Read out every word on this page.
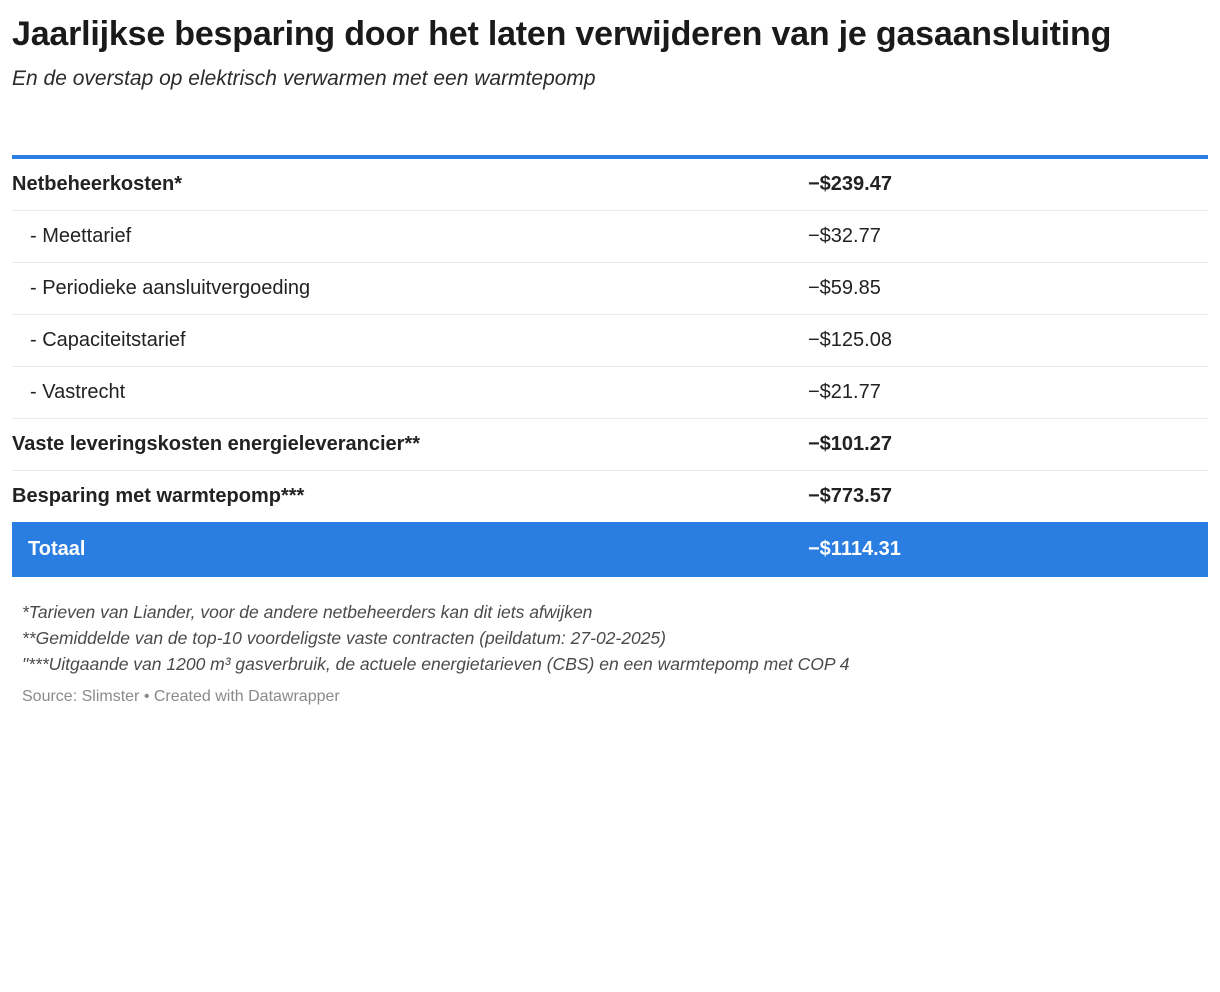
Jaarlijkse besparing door het laten verwijderen van je gasaansluiting
En de overstap op elektrisch verwarmen met een warmtepomp
Netbeheerkosten*	−$239.47
- Meettarief	−$32.77
- Periodieke aansluitvergoeding	−$59.85
- Capaciteitstarief	−$125.08
- Vastrecht	−$21.77
Vaste leveringskosten energieleverancier**	−$101.27
Besparing met warmtepomp***	−$773.57
Totaal	−$1114.31
*Tarieven van Liander, voor de andere netbeheerders kan dit iets afwijken
**Gemiddelde van de top-10 voordeligste vaste contracten (peildatum: 27-02-2025)
"***Uitgaande van 1200 m³ gasverbruik, de actuele energietarieven (CBS) en een warmtepomp met COP 4
Source: Slimster • Created with Datawrapper
